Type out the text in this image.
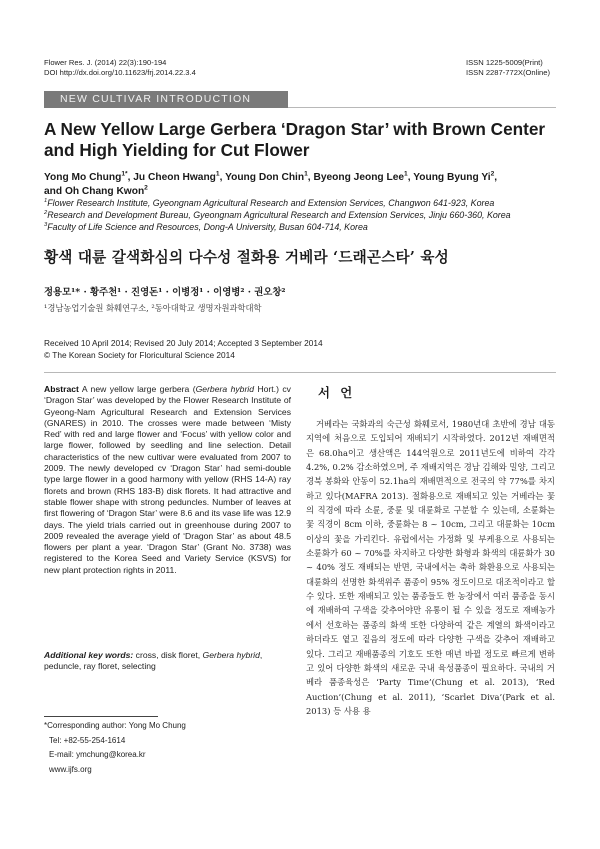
Flower Res. J. (2014) 22(3):190-194
DOI http://dx.doi.org/10.11623/frj.2014.22.3.4
ISSN 1225-5009(Print)
ISSN 2287-772X(Online)
NEW CULTIVAR INTRODUCTION
A New Yellow Large Gerbera ‘Dragon Star’ with Brown Center
and High Yielding for Cut Flower
Yong Mo Chung$^{1*}$, Ju Cheon Hwang$^1$, Young Don Chin$^1$, Byeong Jeong Lee$^1$, Young Byung Yi$^2$,
and Oh Chang Kwon$^2$
$^1$Flower Research Institute, Gyeongnam Agricultural Research and Extension Services, Changwon 641-923, Korea
$^2$Research and Development Bureau, Gyeongnam Agricultural Research and Extension Services, Jinju 660-360, Korea
$^3$Faculty of Life Science and Resources, Dong-A University, Busan 604-714, Korea
황색 대륜 갈색화심의 다수성 절화용 거베라 ‘드래곤스타’ 육성
정용모¹* · 황주천¹ · 진영돈¹ · 이병정¹ · 이영병² · 권오창²
¹경남농업기술원 화훼연구소, ²동아대학교 생명자원과학대학
Received 10 April 2014; Revised 20 July 2014; Accepted 3 September 2014
© The Korean Society for Floricultural Science 2014
Abstract A new yellow large gerbera (Gerbera hybrid Hort.) cv ‘Dragon Star’ was developed by the Flower Research Institute of Gyeong-Nam Agricultural Research and Extension Services (GNARES) in 2010. The crosses were made between ‘Misty Red’ with red and large flower and ‘Focus’ with yellow color and large flower, followed by seedling and line selection. Detail characteristics of the new cultivar were evaluated from 2007 to 2009. The newly developed cv ‘Dragon Star’ had semi-double type large flower in a good harmony with yellow (RHS 14-A) ray florets and brown (RHS 183-B) disk florets. It had attractive and stable flower shape with strong peduncles. Number of leaves at first flowering of ‘Dragon Star’ were 8.6 and its vase life was 12.9 days. The yield trials carried out in greenhouse during 2007 to 2009 revealed the average yield of ‘Dragon Star’ as about 48.5 flowers per plant a year. ‘Dragon Star’ (Grant No. 3738) was registered to the Korea Seed and Variety Service (KSVS) for new plant protection rights in 2011.
Additional key words: cross, disk floret, Gerbera hybrid, peduncle, ray floret, selecting
*Corresponding author: Yong Mo Chung
Tel: +82-55-254-1614
E-mail: ymchung@korea.kr
www.ijfs.org
서 언
거베라는 국화과의 숙근성 화훼로서, 1980년대 초반에 경남 대동지역에 처음으로 도입되어 재배되기 시작하였다. 2012년 재배면적은 68.0ha이고 생산액은 144억원으로 2011년도에 비하여 각각 4.2%, 0.2% 감소하였으며, 주 재배지역은 경남 김해와 밀양, 그리고 경북 봉화와 안동이 52.1ha의 재배면적으로 전국의 약 77%를 차지하고 있다(MAFRA 2013). 절화용으로 재배되고 있는 거베라는 꽃의 직경에 따라 소륜, 중륜 및 대륜화로 구분할 수 있는데, 소륜화는 꽃 직경이 8cm 이하, 중륜화는 8 ~ 10cm, 그리고 대륜화는 10cm 이상의 꽃을 가리킨다. 유럽에서는 가정화 및 부케용으로 사용되는 소륜화가 60 ~ 70%를 차지하고 다양한 화형과 화색의 대륜화가 30 ~ 40% 정도 재배되는 반면, 국내에서는 축하 화환용으로 사용되는 대륜화의 선명한 화색위주 품종이 95% 정도이므로 대조적이라고 할 수 있다. 또한 재배되고 있는 품종들도 한 농장에서 여러 품종을 동시에 재배하여 구색을 갖추어야만 유통이 될 수 있을 정도로 재배농가에서 선호하는 품종의 화색 또한 다양하여 같은 계열의 화색이라고 하더라도 옅고 짙음의 정도에 따라 다양한 구색을 갖추어 재배하고 있다. 그리고 재배품종의 기호도 또한 매년 바뀔 정도로 빠르게 변하고 있어 다양한 화색의 새로운 국내 육성품종이 필요하다. 국내의 거베라 품종육성은 ‘Party Time’(Chung et al. 2013), ‘Red Auction’(Chung et al. 2011), ‘Scarlet Diva’(Park et al. 2013) 등 사용 용
